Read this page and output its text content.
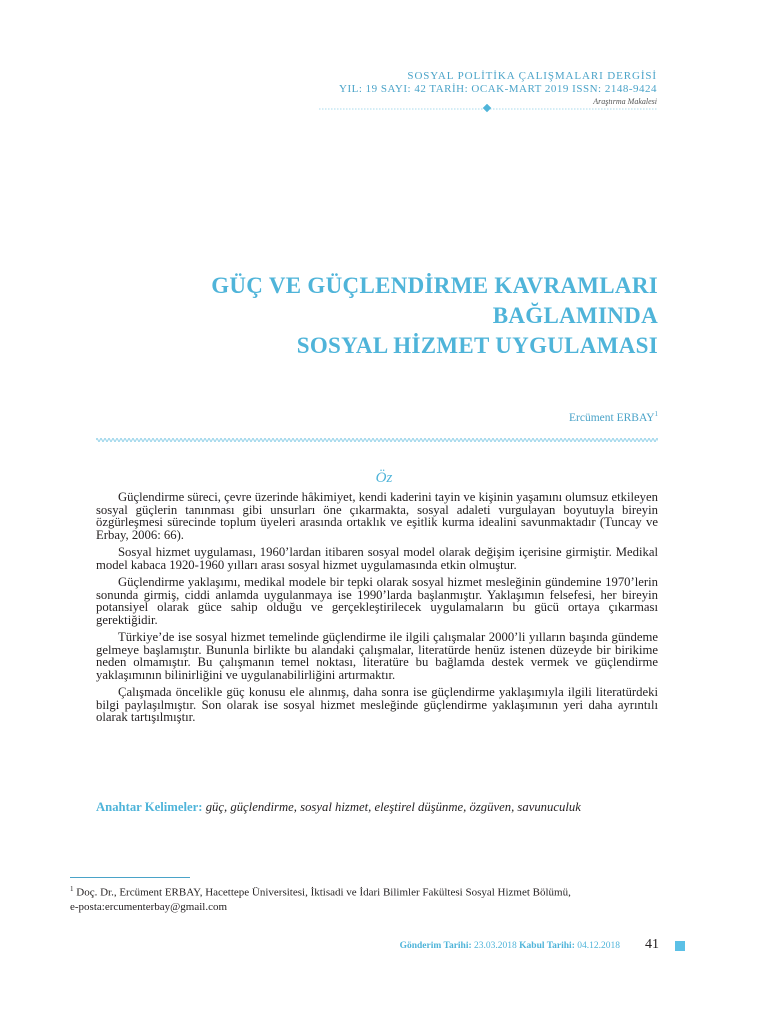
SOSYAL POLİTİKA ÇALIŞMALARI DERGİSİ
YIL: 19 SAYI: 42 TARİH: OCAK-MART 2019 ISSN: 2148-9424
Araştırma Makalesi
GÜÇ VE GÜÇLENDİRME KAVRAMLARI
BAĞLAMINDA
SOSYAL HİZMET UYGULAMASI
Ercüment ERBAY$^1$
Öz

Güçlendirme süreci, çevre üzerinde hâkimiyet, kendi kaderini tayin ve kişinin yaşamını olumsuz etkileyen sosyal güçlerin tanınması gibi unsurları öne çıkarmakta, sosyal adaleti vurgulayan boyutuyla bireyin özgürleşmesi sürecinde toplum üyeleri arasında ortaklık ve eşitlik kurma idealini savunmaktadır (Tuncay ve Erbay, 2006: 66).

Sosyal hizmet uygulaması, 1960’lardan itibaren sosyal model olarak değişim içerisine girmiştir. Medikal model kabaca 1920-1960 yılları arası sosyal hizmet uygulamasında etkin olmuştur.

Güçlendirme yaklaşımı, medikal modele bir tepki olarak sosyal hizmet mesleğinin gündemine 1970’lerin sonunda girmiş, ciddi anlamda uygulanmaya ise 1990’larda başlanmıştır. Yaklaşımın felsefesi, her bireyin potansiyel olarak güce sahip olduğu ve gerçekleştirilecek uygulamaların bu gücü ortaya çıkarması gerektiğidir.

Türkiye’de ise sosyal hizmet temelinde güçlendirme ile ilgili çalışmalar 2000’li yılların başında gündeme gelmeye başlamıştır. Bununla birlikte bu alandaki çalışmalar, literatürde henüz istenen düzeyde bir birikime neden olmamıştır. Bu çalışmanın temel noktası, literatüre bu bağlamda destek vermek ve güçlendirme yaklaşımının bilinirliğini ve uygulanabilirliğini artırmaktır.

Çalışmada öncelikle güç konusu ele alınmış, daha sonra ise güçlendirme yaklaşımıyla ilgili literatürdeki bilgi paylaşılmıştır. Son olarak ise sosyal hizmet mesleğinde güçlendirme yaklaşımının yeri daha ayrıntılı olarak tartışılmıştır.

Anahtar Kelimeler: güç, güçlendirme, sosyal hizmet, eleştirel düşünme, özgüven, savunuculuk
$^1$ Doç. Dr., Ercüment ERBAY, Hacettepe Üniversitesi, İktisadi ve İdari Bilimler Fakültesi Sosyal Hizmet Bölümü,
e-posta:ercumenterbay@gmail.com
Gönderim Tarihi: 23.03.2018 Kabul Tarihi: 04.12.2018 41
